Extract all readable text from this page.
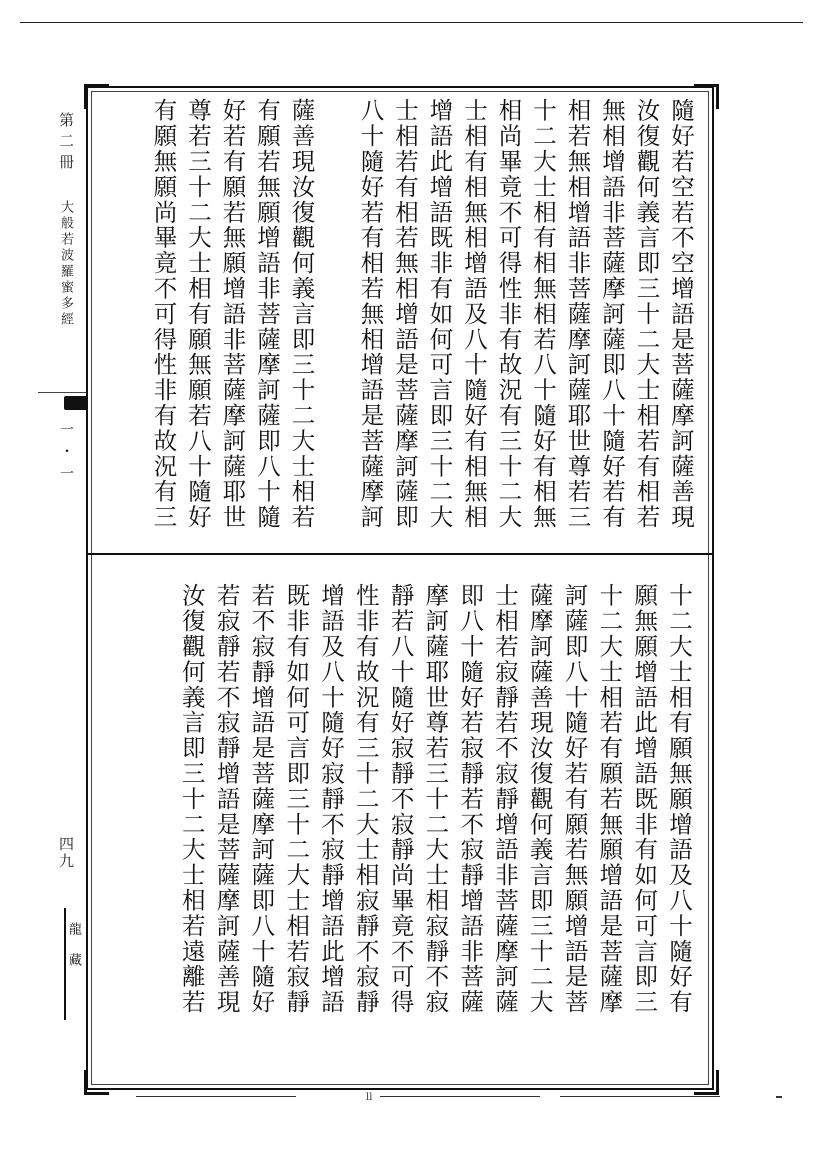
第二冊
大般若波羅蜜多經
一・一
四九
龍藏
隨好若空若不空增語是菩薩摩訶薩善現
汝復觀何義言即三十二大士相若有相若
無相增語非菩薩摩訶薩即八十隨好若有
相若無相增語非菩薩摩訶薩耶世尊若三
十二大士相有相無相若八十隨好有相無
相尚畢竟不可得性非有故況有三十二大
士相有相無相增語及八十隨好有相無相
增語此增語既非有如何可言即三十二大
士相若有相若無相增語是菩薩摩訶薩即
八十隨好若有相若無相增語是菩薩摩訶
薩善現汝復觀何義言即三十二大士相若
有願若無願增語非菩薩摩訶薩即八十隨
好若有願若無願增語非菩薩摩訶薩耶世
尊若三十二大士相有願無願若八十隨好
有願無願尚畢竟不可得性非有故況有三
十二大士相有願無願增語及八十隨好有
願無願增語此增語既非有如何可言即三
十二大士相若有願若無願增語是菩薩摩
訶薩即八十隨好若有願若無願增語是菩
薩摩訶薩善現汝復觀何義言即三十二大
士相若寂靜若不寂靜增語非菩薩摩訶薩
即八十隨好若寂靜若不寂靜增語非菩薩
摩訶薩耶世尊若三十二大士相寂靜不寂
靜若八十隨好寂靜不寂靜尚畢竟不可得
性非有故況有三十二大士相寂靜不寂靜
增語及八十隨好寂靜不寂靜增語此增語
既非有如何可言即三十二大士相若寂靜
若不寂靜增語是菩薩摩訶薩即八十隨好
若寂靜若不寂靜增語是菩薩摩訶薩善現
汝復觀何義言即三十二大士相若遠離若
ll
